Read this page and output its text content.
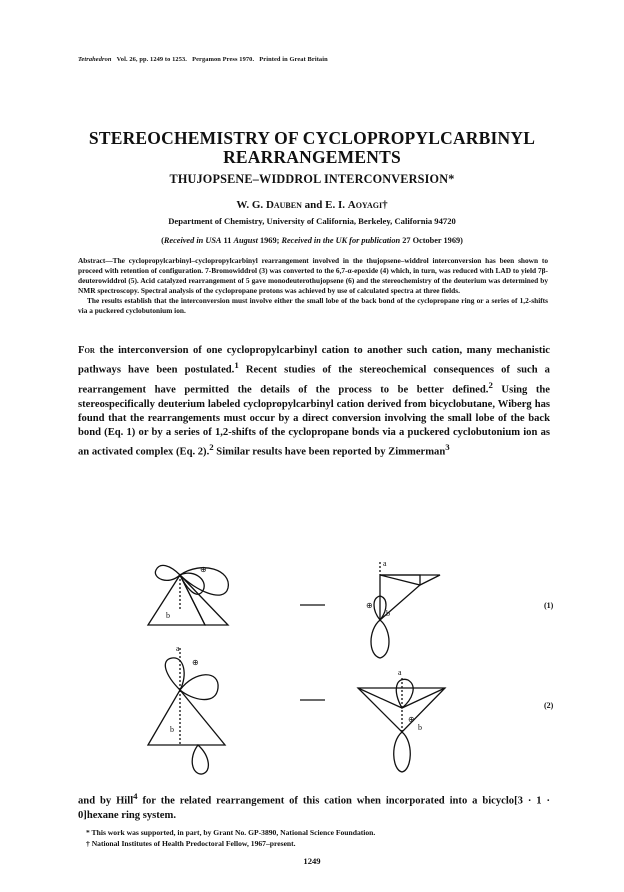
Tetrahedron Vol. 26, pp. 1249 to 1253. Pergamon Press 1970. Printed in Great Britain
STEREOCHEMISTRY OF CYCLOPROPYLCARBINYL
REARRANGEMENTS
THUJOPSENE–WIDDROL INTERCONVERSION*
W. G. Dauben and E. I. Aoyagi†
Department of Chemistry, University of California, Berkeley, California 94720
(Received in USA 11 August 1969; Received in the UK for publication 27 October 1969)

Abstract—The cyclopropylcarbinyl–cyclopropylcarbinyl rearrangement involved in the thujopsene–widdrol interconversion has been shown to proceed with retention of configuration. 7-Bromowiddrol (3) was converted to the 6,7-α-epoxide (4) which, in turn, was reduced with LAD to yield 7β-deuterowiddrol (5). Acid catalyzed rearrangement of 5 gave monodeuterothujopsene (6) and the stereochemistry of the deuterium was determined by NMR spectroscopy. Spectral analysis of the cyclopropane protons was achieved by use of calculated spectra at three fields.

The results establish that the interconversion must involve either the small lobe of the back bond of the cyclopropane ring or a series of 1,2-shifts via a puckered cyclobutonium ion.

For the interconversion of one cyclopropylcarbinyl cation to another such cation, many mechanistic pathways have been postulated.$^1$ Recent studies of the stereochemical consequences of such a rearrangement have permitted the details of the process to be better defined.$^2$ Using the stereospecifically deuterium labeled cyclopropylcarbinyl cation derived from bicyclobutane, Wiberg has found that the rearrangements must occur by a direct conversion involving the small lobe of the back bond (Eq. 1) or by a series of 1,2-shifts of the cyclopropane bonds via a puckered cyclobutonium ion as an activated complex (Eq. 2).$^2$ Similar results have been reported by Zimmerman$^3$

b
⊕
⊕
a
b
a
⊕
b
a
⊕
b
(1)
(2)

and by Hill$^4$ for the related rearrangement of this cation when incorporated into a bicyclo[3 · 1 · 0]hexane ring system.

* This work was supported, in part, by Grant No. GP-3890, National Science Foundation.

† National Institutes of Health Predoctoral Fellow, 1967–present.

1249
